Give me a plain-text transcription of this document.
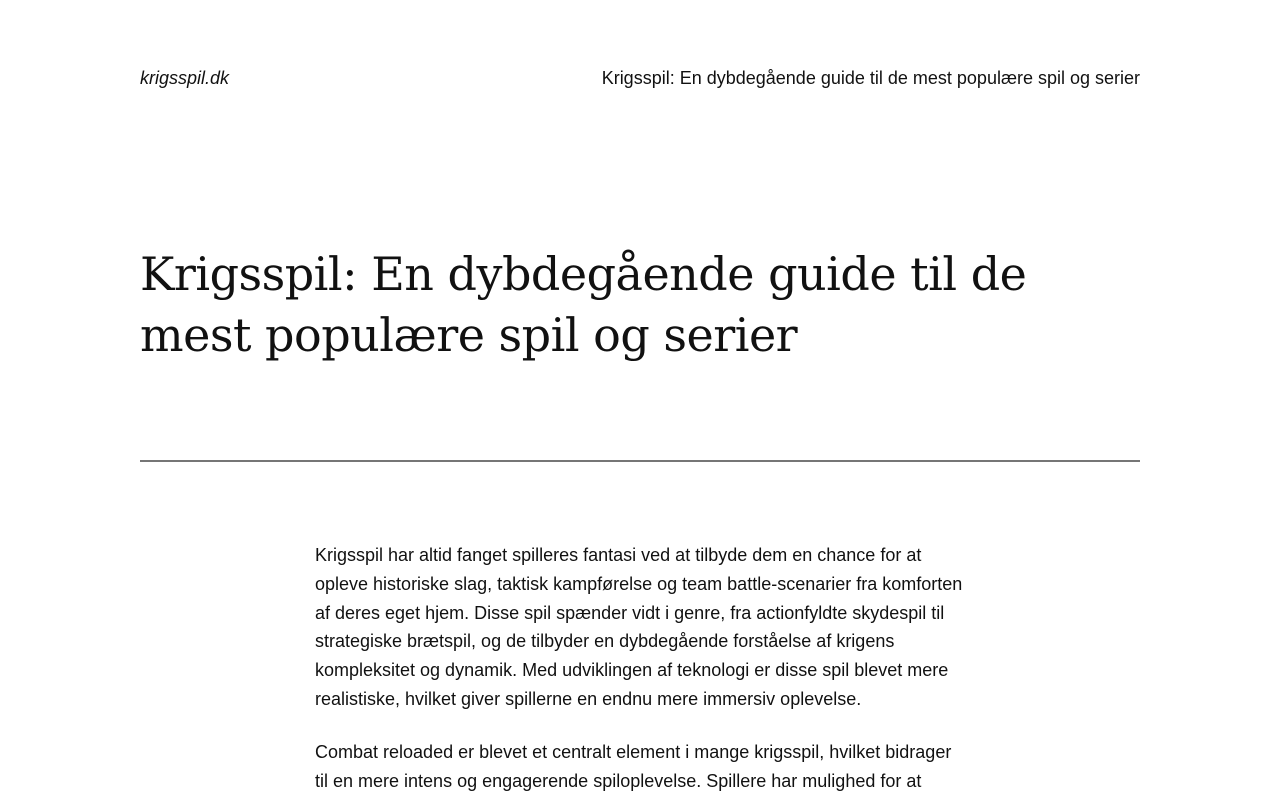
krigsspil.dk	Krigsspil: En dybdegående guide til de mest populære spil og serier
Krigsspil: En dybdegående guide til de mest populære spil og serier

Krigsspil har altid fanget spilleres fantasi ved at tilbyde dem en chance for at opleve historiske slag, taktisk kampførelse og team battle-scenarier fra komforten af deres eget hjem. Disse spil spænder vidt i genre, fra actionfyldte skydespil til strategiske brætspil, og de tilbyder en dybdegående forståelse af krigens kompleksitet og dynamik. Med udviklingen af teknologi er disse spil blevet mere realistiske, hvilket giver spillerne en endnu mere immersiv oplevelse.

Combat reloaded er blevet et centralt element i mange krigsspil, hvilket bidrager til en mere intens og engagerende spiloplevelse. Spillere har mulighed for at
